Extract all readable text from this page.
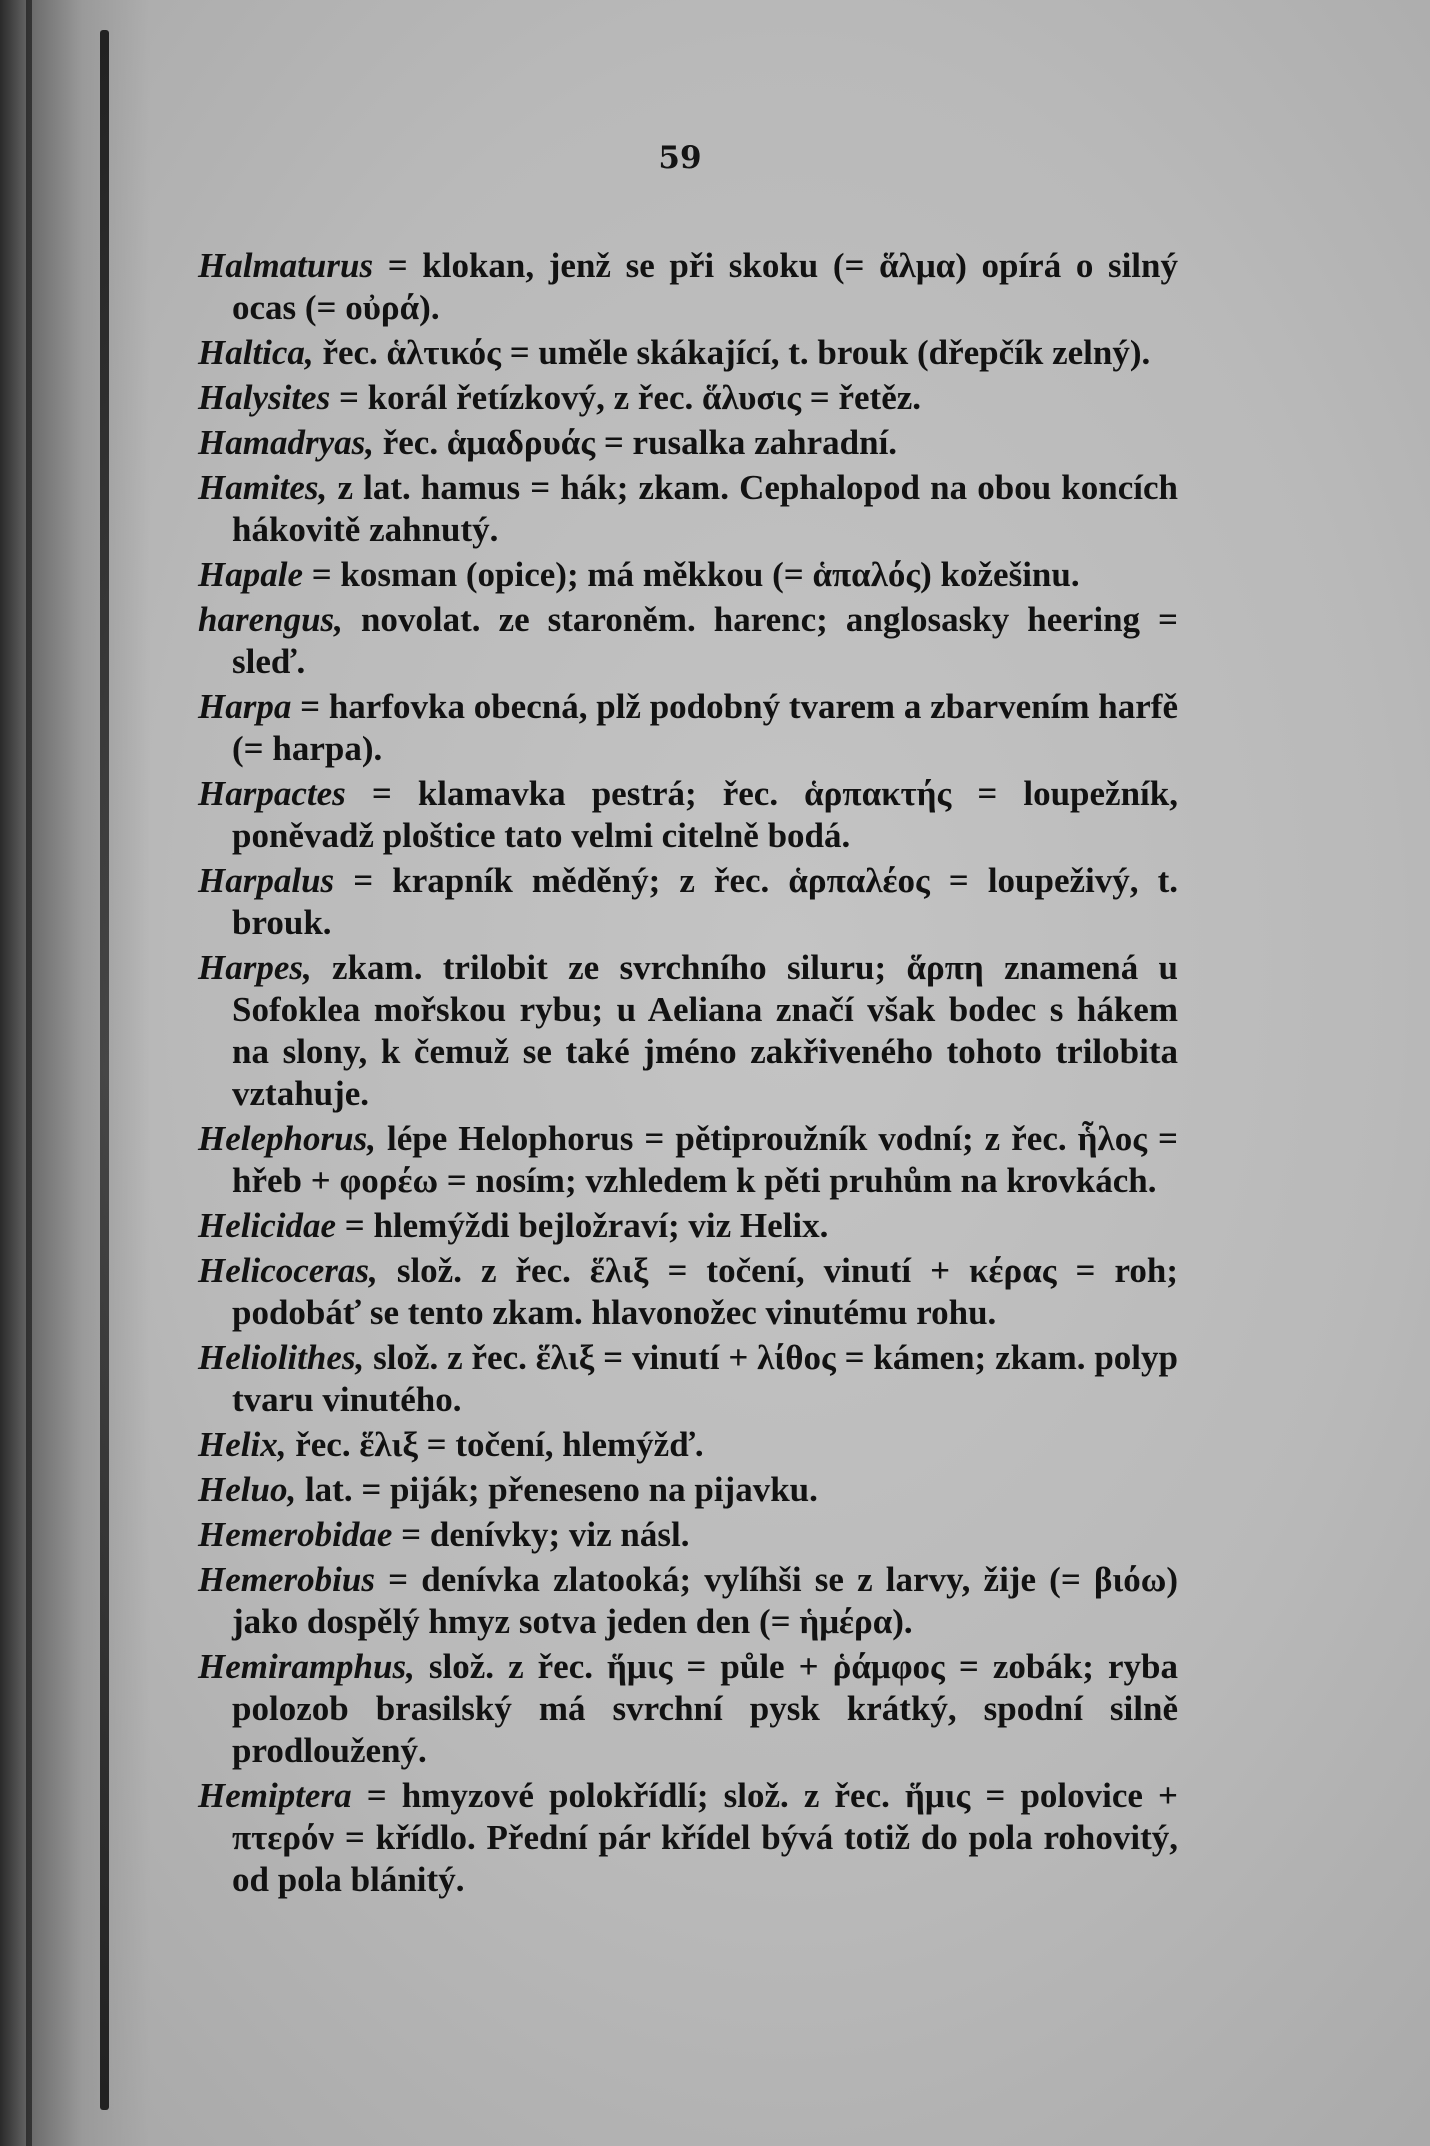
59

Halmaturus = klokan, jenž se při skoku (= ἅλμα) opírá o silný ocas (= οὐρά).

Haltica, řec. ἁλτικός = uměle skákající, t. brouk (dřepčík zelný).

Halysites = korál řetízkový, z řec. ἅλυσις = řetěz.

Hamadryas, řec. ἁμαδρυάς = rusalka zahradní.

Hamites, z lat. hamus = hák; zkam. Cephalopod na obou koncích hákovitě zahnutý.

Hapale = kosman (opice); má měkkou (= ἁπαλός) kožešinu.

harengus, novolat. ze staroněm. harenc; anglosasky heering = sleď.

Harpa = harfovka obecná, plž podobný tvarem a zbarvením harfě (= harpa).

Harpactes = klamavka pestrá; řec. ἁρπακτής = loupežník, poněvadž ploštice tato velmi citelně bodá.

Harpalus = krapník měděný; z řec. ἁρπαλέος = loupeživý, t. brouk.

Harpes, zkam. trilobit ze svrchního siluru; ἅρπη znamená u Sofoklea mořskou rybu; u Aeliana značí však bodec s hákem na slony, k čemuž se také jméno zakřiveného tohoto trilobita vztahuje.

Helephorus, lépe Helophorus = pětiproužník vodní; z řec. ἧλος = hřeb + φορέω = nosím; vzhledem k pěti pruhům na krovkách.

Helicidae = hlemýždi bejložraví; viz Helix.

Helicoceras, slož. z řec. ἕλιξ = točení, vinutí + κέρας = roh; podobáť se tento zkam. hlavonožec vinutému rohu.

Heliolithes, slož. z řec. ἕλιξ = vinutí + λίθος = kámen; zkam. polyp tvaru vinutého.

Helix, řec. ἕλιξ = točení, hlemýžď.

Heluo, lat. = piják; přeneseno na pijavku.

Hemerobidae = denívky; viz násl.

Hemerobius = denívka zlatooká; vylíhši se z larvy, žije (= βιόω) jako dospělý hmyz sotva jeden den (= ἡμέρα).

Hemiramphus, slož. z řec. ἥμις = půle + ῥάμφος = zobák; ryba polozob brasilský má svrchní pysk krátký, spodní silně prodloužený.

Hemiptera = hmyzové polokřídlí; slož. z řec. ἥμις = polovice + πτερόν = křídlo. Přední pár křídel bývá totiž do pola rohovitý, od pola blánitý.
